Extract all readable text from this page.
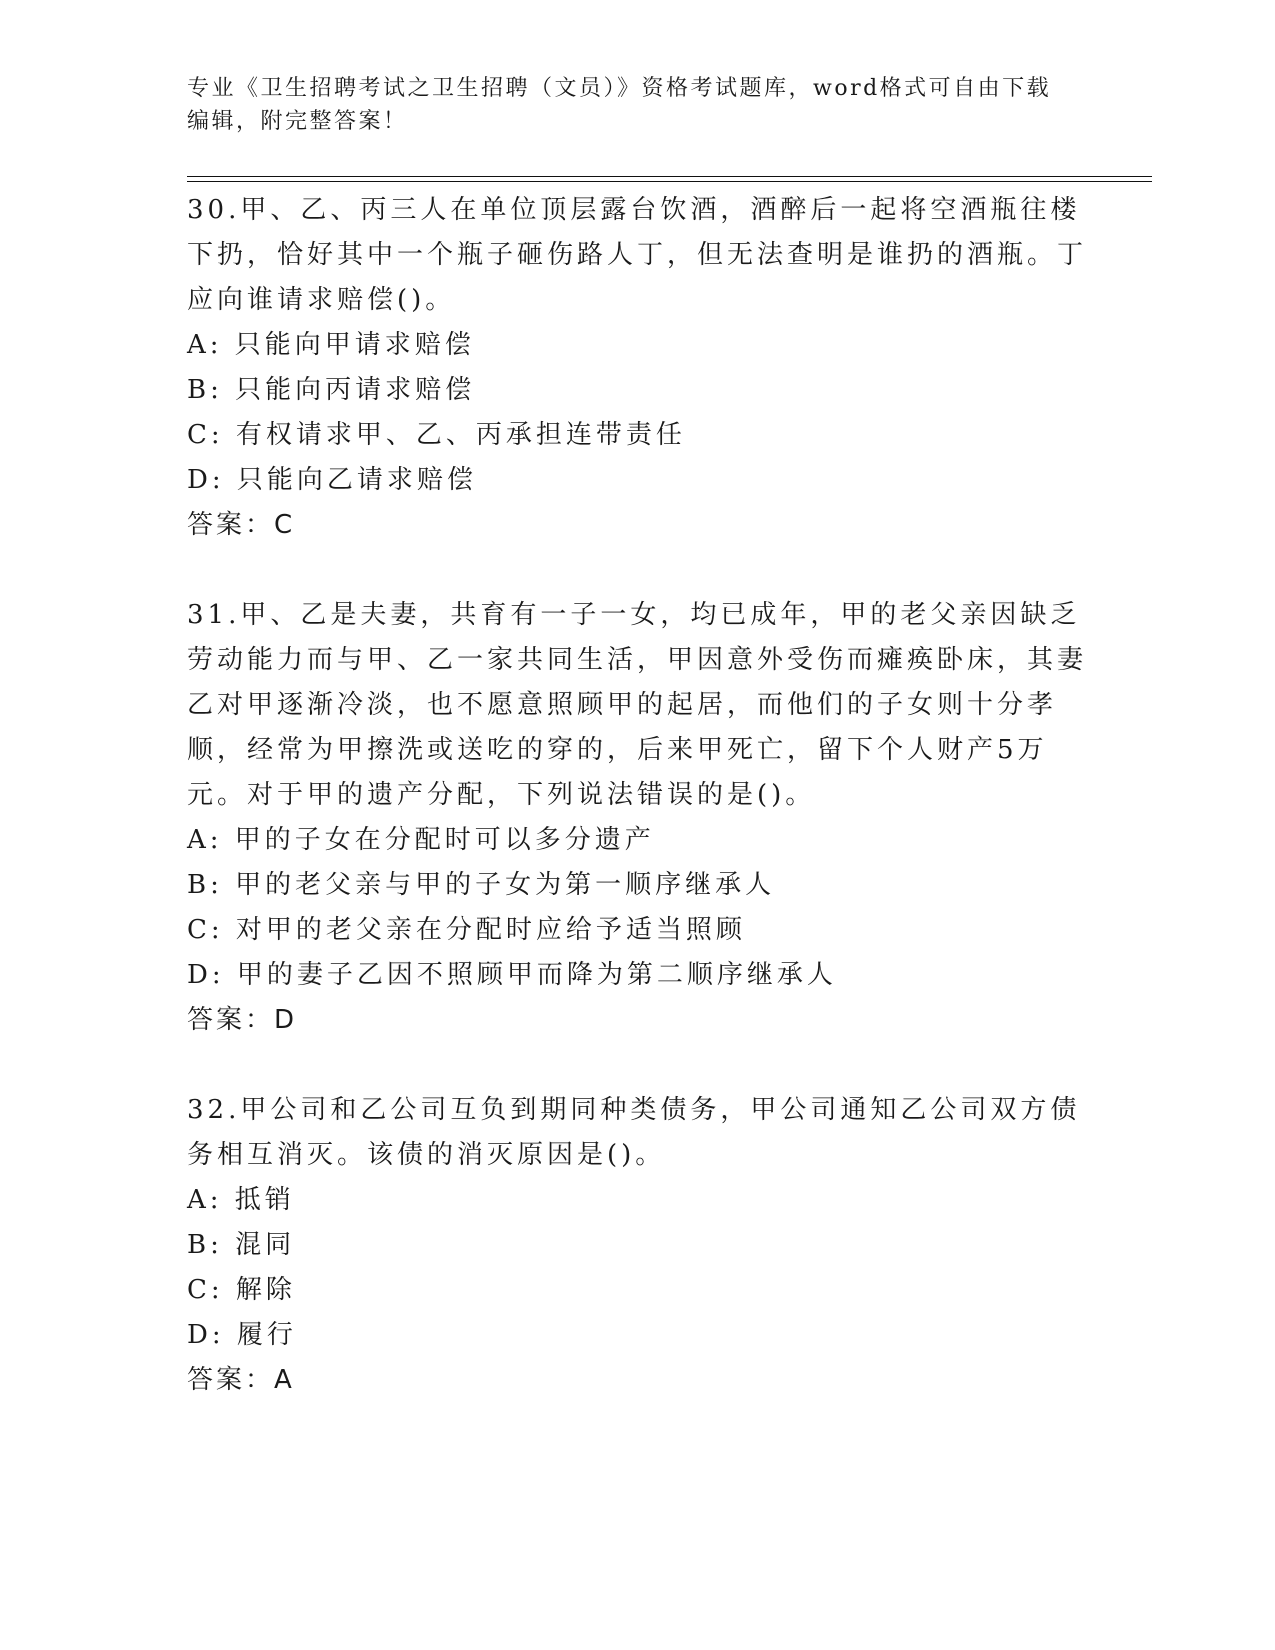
专业《卫生招聘考试之卫生招聘（文员）》资格考试题库，word格式可自由下载编辑，附完整答案！
30.甲、乙、丙三人在单位顶层露台饮酒，酒醉后一起将空酒瓶往楼下扔，恰好其中一个瓶子砸伤路人丁，但无法查明是谁扔的酒瓶。丁应向谁请求赔偿()。
A: 只能向甲请求赔偿
B: 只能向丙请求赔偿
C: 有权请求甲、乙、丙承担连带责任
D: 只能向乙请求赔偿
答案：C
31.甲、乙是夫妻，共育有一子一女，均已成年，甲的老父亲因缺乏劳动能力而与甲、乙一家共同生活，甲因意外受伤而瘫痪卧床，其妻乙对甲逐渐冷淡，也不愿意照顾甲的起居，而他们的子女则十分孝顺，经常为甲擦洗或送吃的穿的，后来甲死亡，留下个人财产5万元。对于甲的遗产分配，下列说法错误的是()。
A: 甲的子女在分配时可以多分遗产
B: 甲的老父亲与甲的子女为第一顺序继承人
C: 对甲的老父亲在分配时应给予适当照顾
D: 甲的妻子乙因不照顾甲而降为第二顺序继承人
答案：D
32.甲公司和乙公司互负到期同种类债务，甲公司通知乙公司双方债务相互消灭。该债的消灭原因是()。
A: 抵销
B: 混同
C: 解除
D: 履行
答案：A
